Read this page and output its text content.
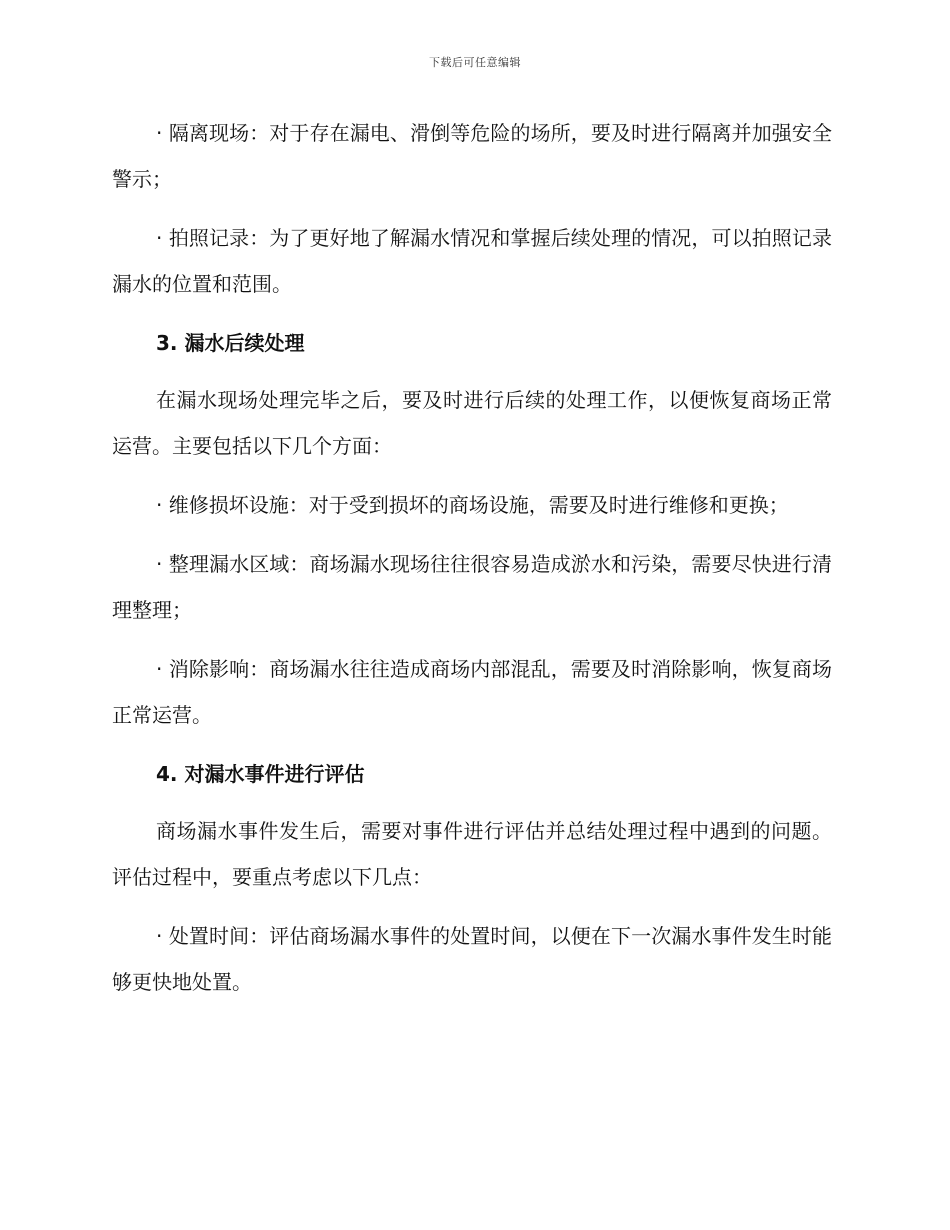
下载后可任意编辑

· 隔离现场：对于存在漏电、滑倒等危险的场所，要及时进行隔离并加强安全警示；

· 拍照记录：为了更好地了解漏水情况和掌握后续处理的情况，可以拍照记录漏水的位置和范围。

3. 漏水后续处理

在漏水现场处理完毕之后，要及时进行后续的处理工作，以便恢复商场正常运营。主要包括以下几个方面：

· 维修损坏设施：对于受到损坏的商场设施，需要及时进行维修和更换；

· 整理漏水区域：商场漏水现场往往很容易造成淤水和污染，需要尽快进行清理整理；

· 消除影响：商场漏水往往造成商场内部混乱，需要及时消除影响，恢复商场正常运营。

4. 对漏水事件进行评估

商场漏水事件发生后，需要对事件进行评估并总结处理过程中遇到的问题。评估过程中，要重点考虑以下几点：

· 处置时间：评估商场漏水事件的处置时间，以便在下一次漏水事件发生时能够更快地处置。
